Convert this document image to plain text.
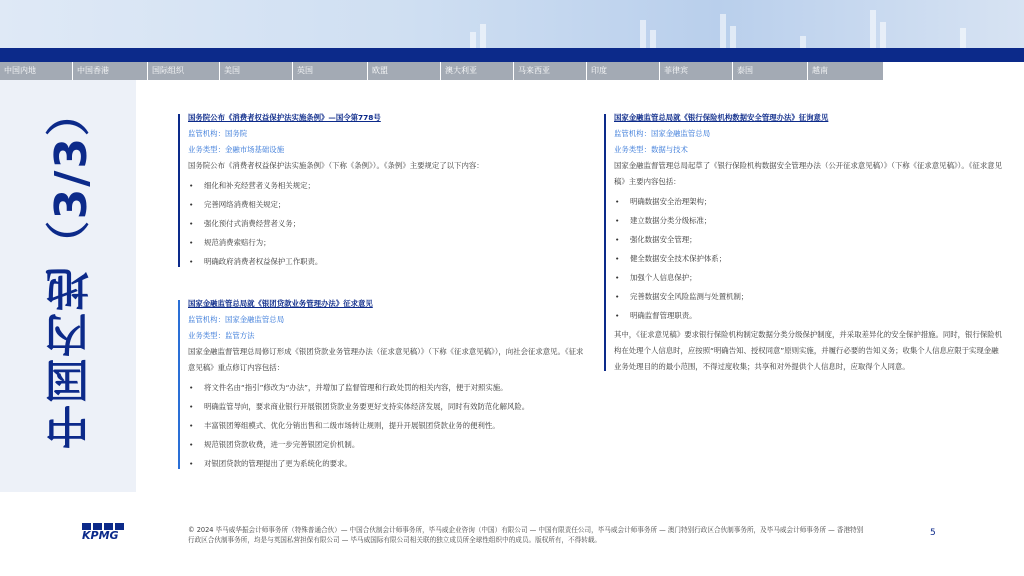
中国内地	中国香港	国际组织	美国	英国	欧盟	澳大利亚	马来西亚	印度	菲律宾	泰国	越南
中国内地（3/3）	国务院公布《消费者权益保护法实施条例》—国令第778号
监管机构：国务院
业务类型：金融市场基础设施
国务院公布《消费者权益保护法实施条例》（下称《条例》）。《条例》主要规定了以下内容：
• 细化和补充经营者义务相关规定；
• 完善网络消费相关规定；
• 强化预付式消费经营者义务；
• 规范消费索赔行为；
• 明确政府消费者权益保护工作职责。
国家金融监管总局就《银团贷款业务管理办法》征求意见
监管机构：国家金融监管总局
业务类型：监管方法
国家金融监督管理总局修订形成《银团贷款业务管理办法（征求意见稿）》（下称《征求意见稿》），向社会征求意见。《征求意见稿》重点修订内容包括：
• 将文件名由“指引”修改为“办法”，并增加了监督管理和行政处罚的相关内容，便于对照实施。
• 明确监管导向，要求商业银行开展银团贷款业务要更好支持实体经济发展，同时有效防范化解风险。
• 丰富银团筹组模式、优化分销出售和二级市场转让规则，提升开展银团贷款业务的便利性。
• 规范银团贷款收费，进一步完善银团定价机制。
• 对银团贷款的管理提出了更为系统化的要求。
国家金融监管总局就《银行保险机构数据安全管理办法》征询意见
监管机构：国家金融监管总局
业务类型：数据与技术
国家金融监督管理总局起草了《银行保险机构数据安全管理办法（公开征求意见稿）》（下称《征求意见稿》）。《征求意见稿》主要内容包括：
• 明确数据安全治理架构；
• 建立数据分类分级标准；
• 强化数据安全管理；
• 健全数据安全技术保护体系；
• 加强个人信息保护；
• 完善数据安全风险监测与处置机制；
• 明确监督管理职责。
其中，《征求意见稿》要求银行保险机构制定数据分类分级保护制度，并采取差异化的安全保护措施。同时，银行保险机构在处理个人信息时，应按照“明确告知、授权同意”原则实施，并履行必要的告知义务；收集个人信息应限于实现金融业务处理目的的最小范围，不得过度收集；共享和对外提供个人信息时，应取得个人同意。
KPMG	© 2024 毕马威华振会计师事务所（特殊普通合伙）— 中国合伙制会计师事务所，毕马威企业咨询（中国）有限公司 — 中国有限责任公司，毕马威会计师事务所 — 澳门特别行政区合伙制事务所，及毕马威会计师事务所 — 香港特别行政区合伙制事务所，均是与英国私营担保有限公司 — 毕马威国际有限公司相关联的独立成员所全球性组织中的成员。版权所有，不得转载。
5
